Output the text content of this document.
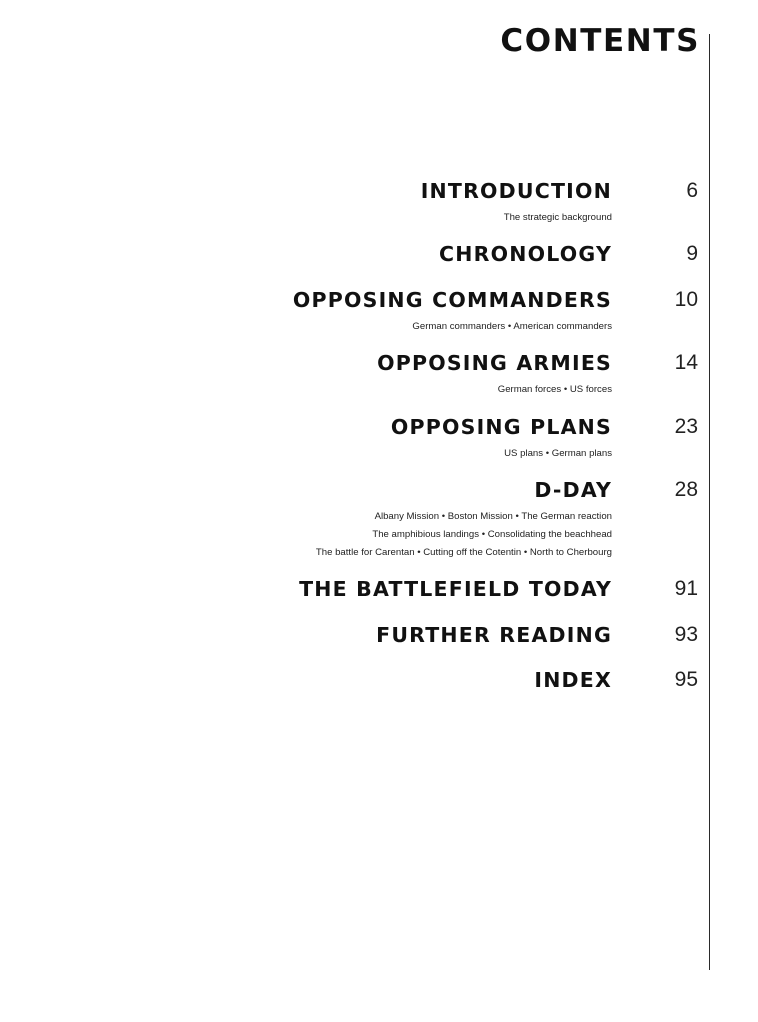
CONTENTS
INTRODUCTION	6
The strategic background
CHRONOLOGY	9
OPPOSING COMMANDERS	10
German commanders • American commanders
OPPOSING ARMIES	14
German forces • US forces
OPPOSING PLANS	23
US plans • German plans
D-DAY	28
Albany Mission • Boston Mission • The German reaction
The amphibious landings • Consolidating the beachhead
The battle for Carentan • Cutting off the Cotentin • North to Cherbourg
THE BATTLEFIELD TODAY	91
FURTHER READING	93
INDEX	95
